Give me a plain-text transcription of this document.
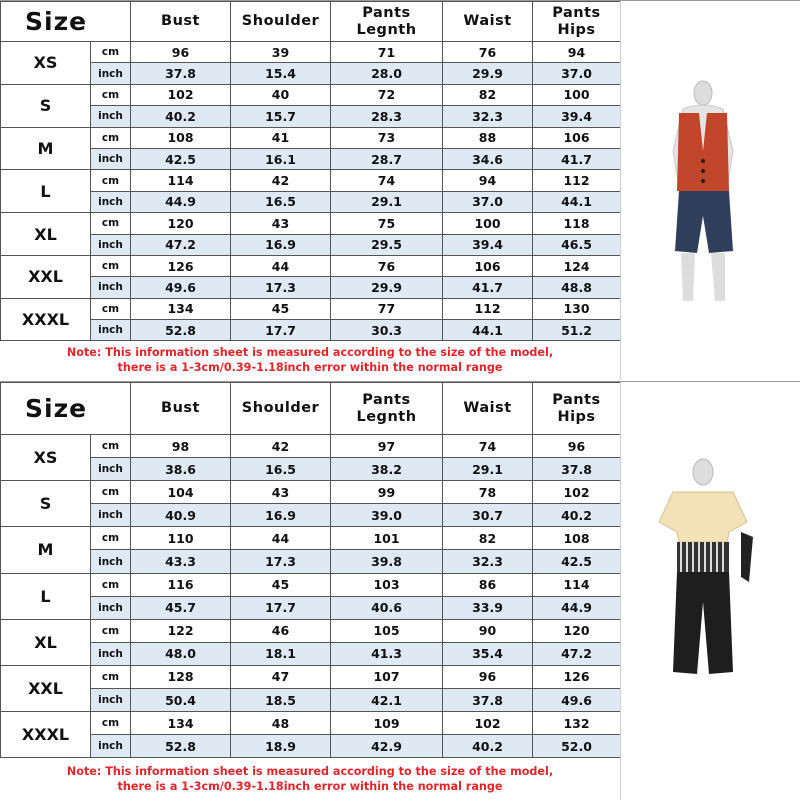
Size		Bust	Shoulder	Pants Legnth	Waist	Pants Hips
XS	cm	96	39	71	76	94
	inch	37.8	15.4	28.0	29.9	37.0
S	cm	102	40	72	82	100
	inch	40.2	15.7	28.3	32.3	39.4
M	cm	108	41	73	88	106
	inch	42.5	16.1	28.7	34.6	41.7
L	cm	114	42	74	94	112
	inch	44.9	16.5	29.1	37.0	44.1
XL	cm	120	43	75	100	118
	inch	47.2	16.9	29.5	39.4	46.5
XXL	cm	126	44	76	106	124
	inch	49.6	17.3	29.9	41.7	48.8
XXXL	cm	134	45	77	112	130
	inch	52.8	17.7	30.3	44.1	51.2
Note: This information sheet is measured according to the size of the model,
there is a 1-3cm/0.39-1.18inch error within the normal range
Size		Bust	Shoulder	Pants Legnth	Waist	Pants Hips
XS	cm	98	42	97	74	96
	inch	38.6	16.5	38.2	29.1	37.8
S	cm	104	43	99	78	102
	inch	40.9	16.9	39.0	30.7	40.2
M	cm	110	44	101	82	108
	inch	43.3	17.3	39.8	32.3	42.5
L	cm	116	45	103	86	114
	inch	45.7	17.7	40.6	33.9	44.9
XL	cm	122	46	105	90	120
	inch	48.0	18.1	41.3	35.4	47.2
XXL	cm	128	47	107	96	126
	inch	50.4	18.5	42.1	37.8	49.6
XXXL	cm	134	48	109	102	132
	inch	52.8	18.9	42.9	40.2	52.0
Note: This information sheet is measured according to the size of the model,
there is a 1-3cm/0.39-1.18inch error within the normal range
